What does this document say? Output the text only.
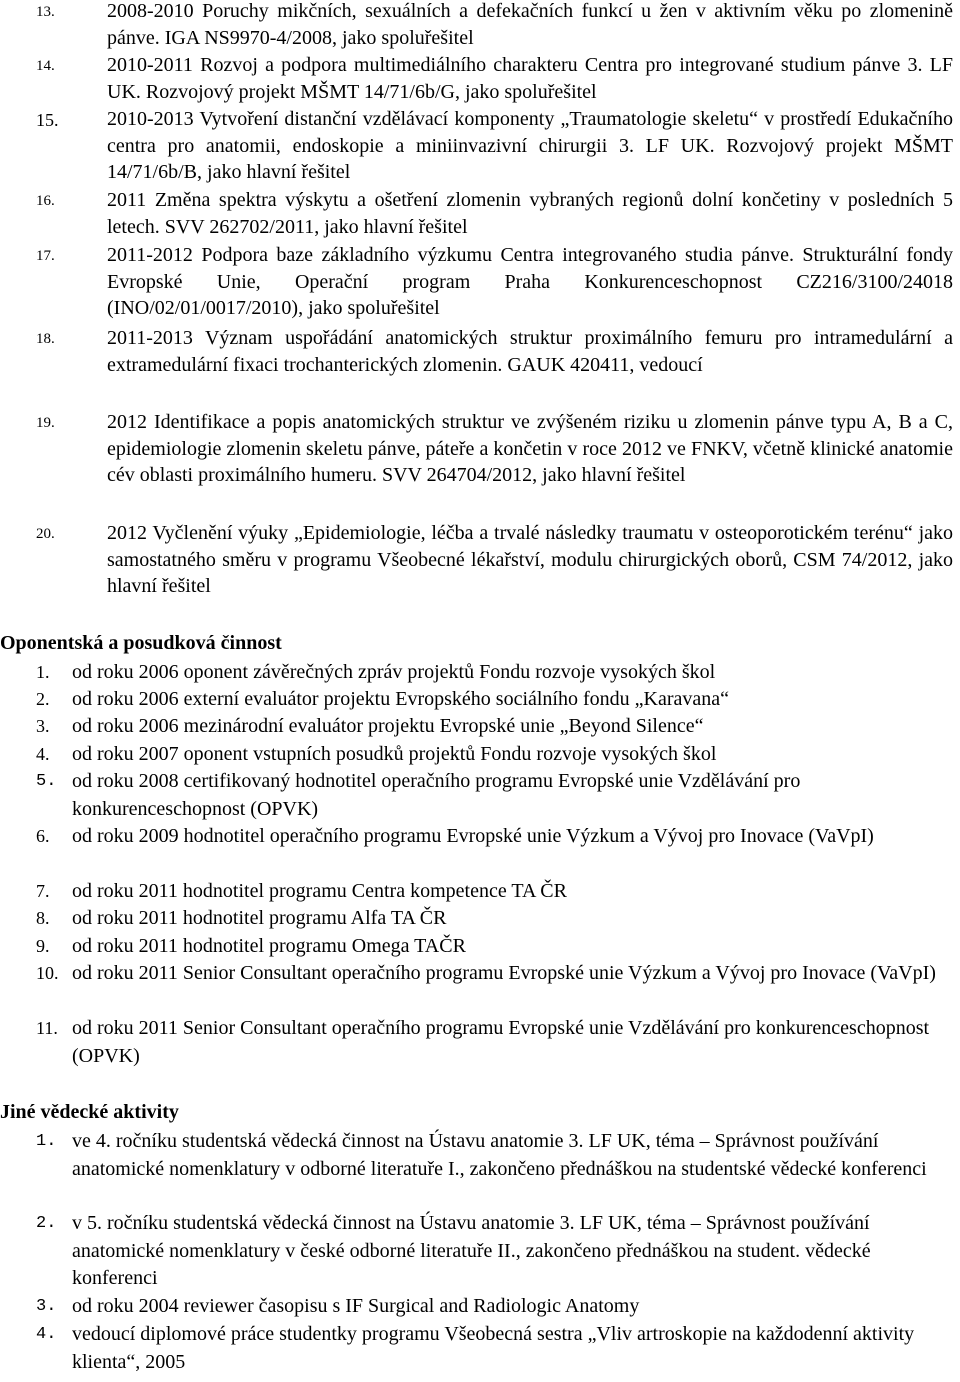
13.	2008-2010 Poruchy mikčních, sexuálních a defekačních funkcí u žen v aktivním věku po zlomenině pánve. IGA NS9970-4/2008, jako spoluřešitel

14.	2010-2011 Rozvoj a podpora multimediálního charakteru Centra pro integrované studium pánve 3. LF UK. Rozvojový projekt MŠMT 14/71/6b/G, jako spoluřešitel

15. 2010-2013 Vytvoření distanční vzdělávací komponenty „Traumatologie skeletu“ v prostředí Edukačního centra pro anatomii, endoskopie a miniinvazivní chirurgii 3. LF UK. Rozvojový projekt MŠMT 14/71/6b/B, jako hlavní řešitel

16.	2011 Změna spektra výskytu a ošetření zlomenin vybraných regionů dolní končetiny v posledních 5 letech. SVV 262702/2011, jako hlavní řešitel

17.	2011-2012 Podpora baze základního výzkumu Centra integrovaného studia pánve. Strukturální fondy Evropské Unie, Operační program Praha Konkurenceschopnost CZ216/3100/24018 (INO/02/01/0017/2010), jako spoluřešitel

18.	2011-2013 Význam uspořádání anatomických struktur proximálního femuru pro intramedulární a extramedulární fixaci trochanterických zlomenin. GAUK 420411, vedoucí

19.	2012 Identifikace a popis anatomických struktur ve zvýšeném riziku u zlomenin pánve typu A, B a C, epidemiologie zlomenin skeletu pánve, páteře a končetin v roce 2012 ve FNKV, včetně klinické anatomie cév oblasti proximálního humeru. SVV 264704/2012, jako hlavní řešitel

20.	2012 Vyčlenění výuky „Epidemiologie, léčba a trvalé následky traumatu v osteoporotickém terénu“ jako samostatného směru v programu Všeobecné lékařství, modulu chirurgických oborů, CSM 74/2012, jako hlavní řešitel

Oponentská a posudková činnost
1. od roku 2006 oponent závěrečných zpráv projektů Fondu rozvoje vysokých škol

2. od roku 2006 externí evaluátor projektu Evropského sociálního fondu „Karavana“

3. od roku 2006 mezinárodní evaluátor projektu Evropské unie „Beyond Silence“

4. od roku 2007 oponent vstupních posudků projektů Fondu rozvoje vysokých škol

5. od roku 2008 certifikovaný hodnotitel operačního programu Evropské unie Vzdělávání pro konkurenceschopnost (OPVK)

6. od roku 2009 hodnotitel operačního programu Evropské unie Výzkum a Vývoj pro Inovace (VaVpI)

7. od roku 2011 hodnotitel programu Centra kompetence TA ČR

8. od roku 2011 hodnotitel programu Alfa TA ČR

9. od roku 2011 hodnotitel programu Omega TAČR

10. od roku 2011 Senior Consultant operačního programu Evropské unie Výzkum a Vývoj pro Inovace (VaVpI)

11. od roku 2011 Senior Consultant operačního programu Evropské unie Vzdělávání pro konkurenceschopnost (OPVK)

Jiné vědecké aktivity
1. ve 4. ročníku studentská vědecká činnost na Ústavu anatomie 3. LF UK, téma – Správnost používání anatomické nomenklatury v odborné literatuře I., zakončeno přednáškou na studentské vědecké konferenci

2. v 5. ročníku studentská vědecká činnost na Ústavu anatomie 3. LF UK, téma – Správnost používání anatomické nomenklatury v české odborné literatuře II., zakončeno přednáškou na student. vědecké konferenci

3. od roku 2004 reviewer časopisu s IF Surgical and Radiologic Anatomy

4. vedoucí diplomové práce studentky programu Všeobecná sestra „Vliv artroskopie na každodenní aktivity klienta“, 2005
